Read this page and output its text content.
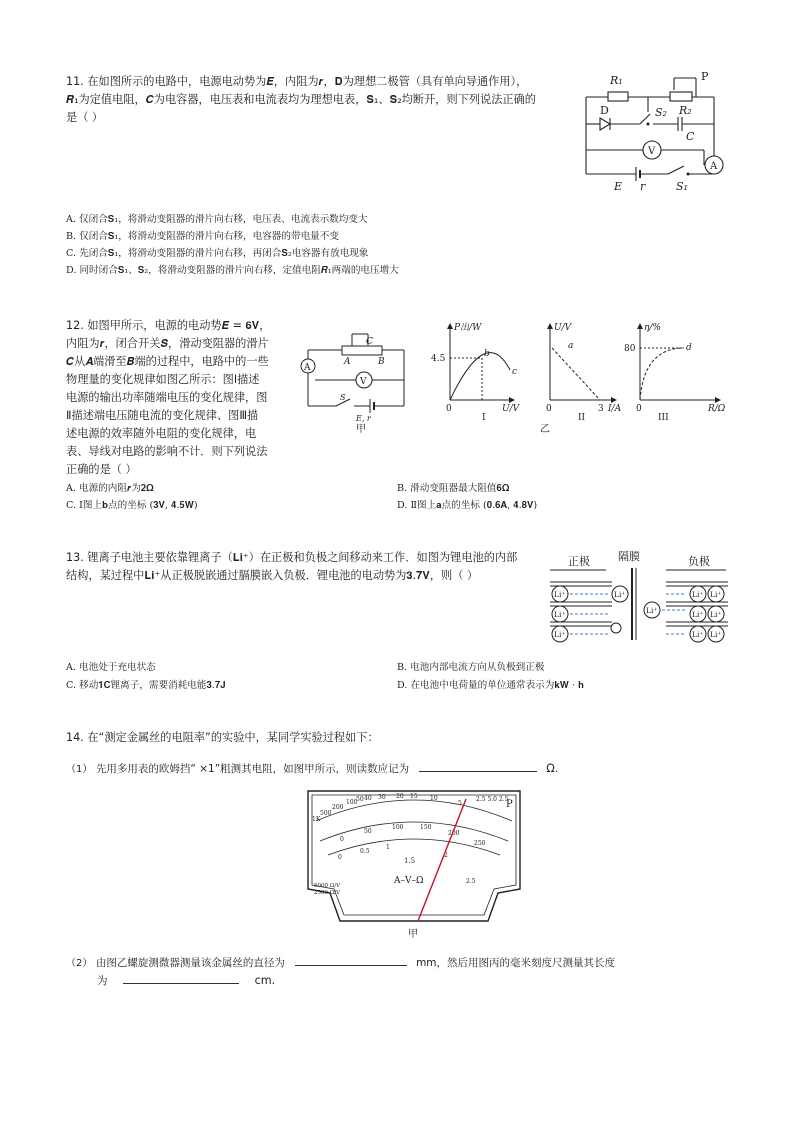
11. 在如图所示的电路中，电源电动势为𝑬，内阻为𝒓，𝐃为理想二极管（具有单向导通作用），
𝑹₁为定值电阻，𝑪为电容器，电压表和电流表均为理想电表，𝐒₁、𝐒₂均断开，则下列说法正确的
是（ ）
R₁	P
D	S₂ R₂
C
V
A
E r	S₁
A. 仅闭合𝐒₁，将滑动变阻器的滑片向右移，电压表、电流表示数均变大
B. 仅闭合𝐒₁，将滑动变阻器的滑片向右移，电容器的带电量不变
C. 先闭合𝐒₁，将滑动变阻器的滑片向右移，再闭合𝐒₂电容器有放电现象
D. 同时闭合𝐒₁、𝐒₂，将滑动变阻器的滑片向右移，定值电阻𝑹₁两端的电压增大
12. 如图甲所示，电源的电动势𝑬 = 𝟔𝐕，
内阻为𝒓，闭合开关𝑺，滑动变阻器的滑片
𝑪从𝑨端滑至𝑩端的过程中，电路中的一些
物理量的变化规律如图乙所示：图Ⅰ描述
电源的输出功率随端电压的变化规律，图
Ⅱ描述端电压随电流的变化规律、图Ⅲ描
述电源的效率随外电阻的变化规律，电
表、导线对电路的影响不计．则下列说法
正确的是（ ）
A
V
C
A	B
E, r
S
甲
P出/W
4.5	b
c
0	U/V
I
U/V
a
0	3 I/A
II
η/%
80	d
0	R/Ω
III
乙
A. 电源的内阻𝒓为𝟐𝛀	B. 滑动变阻器最大阻值𝟔𝛀
C. Ⅰ图上𝐛点的坐标 (𝟑𝐕, 𝟒.𝟓𝐖)	D. Ⅱ图上𝐚点的坐标 (𝟎.𝟔𝐀, 𝟒.𝟖𝐕)
13. 锂离子电池主要依靠锂离子（𝐋𝐢⁺）在正极和负极之间移动来工作．如图为锂电池的内部
结构，某过程中𝐋𝐢⁺从正极脱嵌通过膈膜嵌入负极．锂电池的电动势为𝟑.𝟕𝐕，则（ ）
正极	隔膜	负极
Li⁺
Li⁺
Li⁺
Li⁺
Li⁺
Li⁺ Li⁺
Li⁺ Li⁺
Li⁺ Li⁺
A. 电池处于充电状态	B. 电池内部电流方向从负极到正极
C. 移动𝟏𝐂锂离子，需要消耗电能𝟑.𝟕𝐉	D. 在电池中电荷量的单位通常表示为𝐤𝐖 · 𝐡
14. 在“测定金属丝的电阻率”的实验中，某同学实验过程如下：
（1） 先用多用表的欧姆挡“ ×1”粗测其电阻，如图甲所示，则读数应记为	Ω.
1K
500
200
100
50 40 30 20 15 10
5
2.5 5.0 2.5
0
50
100	150
200
250
0
0.5
1
1.5
2
2.5
5000 Ω/V
2500 Ω/V
A–V–Ω
P
甲
（2） 由图乙螺旋测微器测量该金属丝的直径为	mm，然后用图丙的毫米刻度尺测量其长度
为	cm.
